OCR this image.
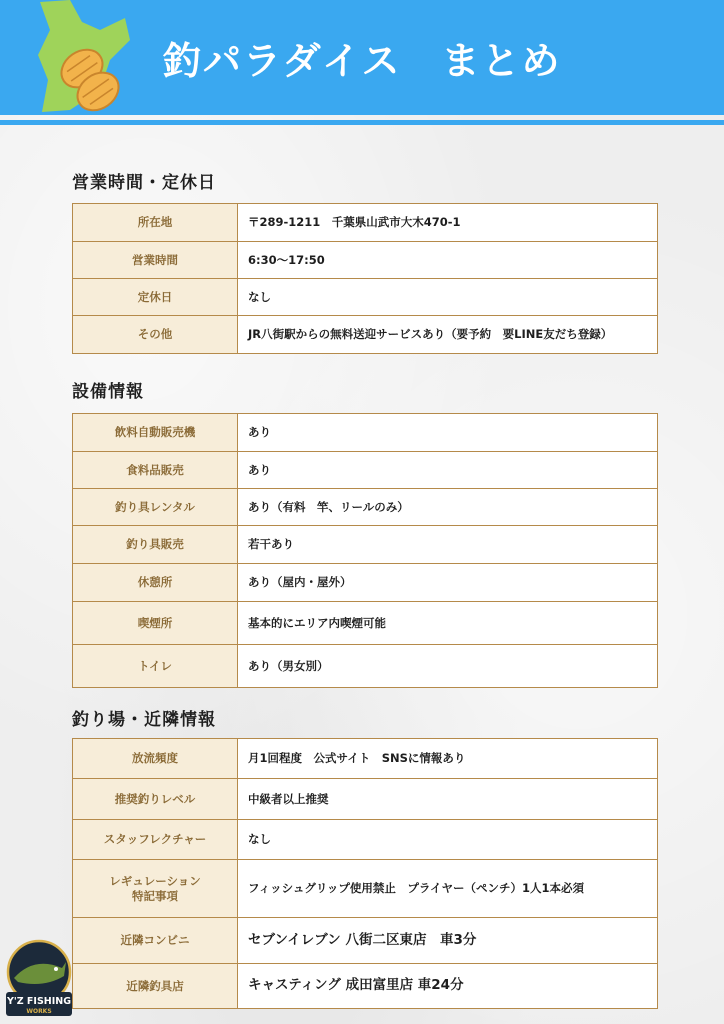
釣パラダイス　まとめ
営業時間・定休日
所在地	〒289-1211　千葉県山武市大木470-1
営業時間	6:30〜17:50
定休日	なし
その他	JR八街駅からの無料送迎サービスあり（要予約　要LINE友だち登録）
設備情報
飲料自動販売機	あり
食料品販売	あり
釣り具レンタル	あり（有料　竿、リールのみ）
釣り具販売	若干あり
休憩所	あり（屋内・屋外）
喫煙所	基本的にエリア内喫煙可能
トイレ	あり（男女別）
釣り場・近隣情報
放流頻度	月1回程度　公式サイト　SNSに情報あり
推奨釣りレベル	中級者以上推奨
スタッフレクチャー	なし

レギュレーション
特記事項	フィッシュグリップ使用禁止　プライヤー（ペンチ）1人1本必須
近隣コンビニ	セブンイレブン 八街二区東店　車3分
近隣釣具店	キャスティング 成田富里店 車24分
Y'Z FISHING
WORKS
